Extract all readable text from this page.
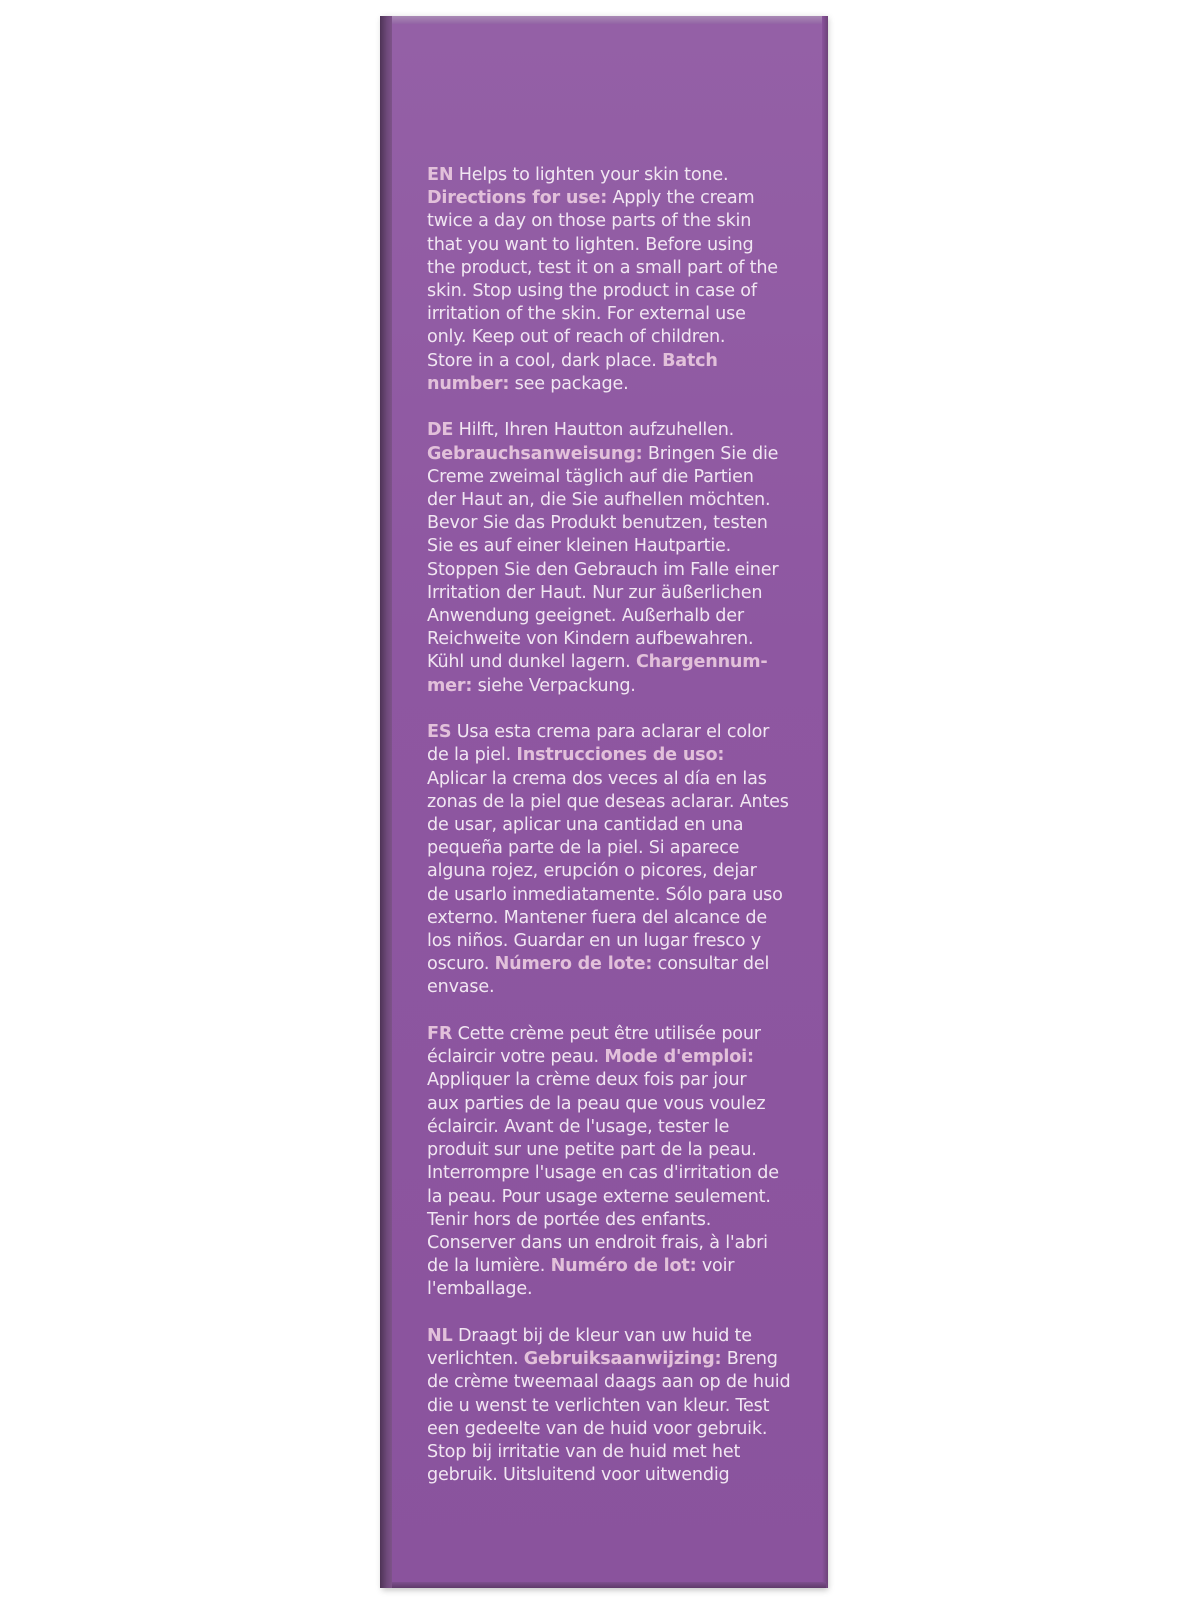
EN Helps to lighten your skin tone.
Directions for use: Apply the cream
twice a day on those parts of the skin
that you want to lighten. Before using
the product, test it on a small part of the
skin. Stop using the product in case of
irritation of the skin. For external use
only. Keep out of reach of children.
Store in a cool, dark place. Batch
number: see package.
DE Hilft, Ihren Hautton aufzuhellen.
Gebrauchsanweisung: Bringen Sie die
Creme zweimal täglich auf die Partien
der Haut an, die Sie aufhellen möchten.
Bevor Sie das Produkt benutzen, testen
Sie es auf einer kleinen Hautpartie.
Stoppen Sie den Gebrauch im Falle einer
Irritation der Haut. Nur zur äußerlichen
Anwendung geeignet. Außerhalb der
Reichweite von Kindern aufbewahren.
Kühl und dunkel lagern. Chargennum-
mer: siehe Verpackung.
ES Usa esta crema para aclarar el color
de la piel. Instrucciones de uso:
Aplicar la crema dos veces al día en las
zonas de la piel que deseas aclarar. Antes
de usar, aplicar una cantidad en una
pequeña parte de la piel. Si aparece
alguna rojez, erupción o picores, dejar
de usarlo inmediatamente. Sólo para uso
externo. Mantener fuera del alcance de
los niños. Guardar en un lugar fresco y
oscuro. Número de lote: consultar del
envase.
FR Cette crème peut être utilisée pour
éclaircir votre peau. Mode d'emploi:
Appliquer la crème deux fois par jour
aux parties de la peau que vous voulez
éclaircir. Avant de l'usage, tester le
produit sur une petite part de la peau.
Interrompre l'usage en cas d'irritation de
la peau. Pour usage externe seulement.
Tenir hors de portée des enfants.
Conserver dans un endroit frais, à l'abri
de la lumière. Numéro de lot: voir
l'emballage.
NL Draagt bij de kleur van uw huid te
verlichten. Gebruiksaanwijzing: Breng
de crème tweemaal daags aan op de huid
die u wenst te verlichten van kleur. Test
een gedeelte van de huid voor gebruik.
Stop bij irritatie van de huid met het
gebruik. Uitsluitend voor uitwendig
